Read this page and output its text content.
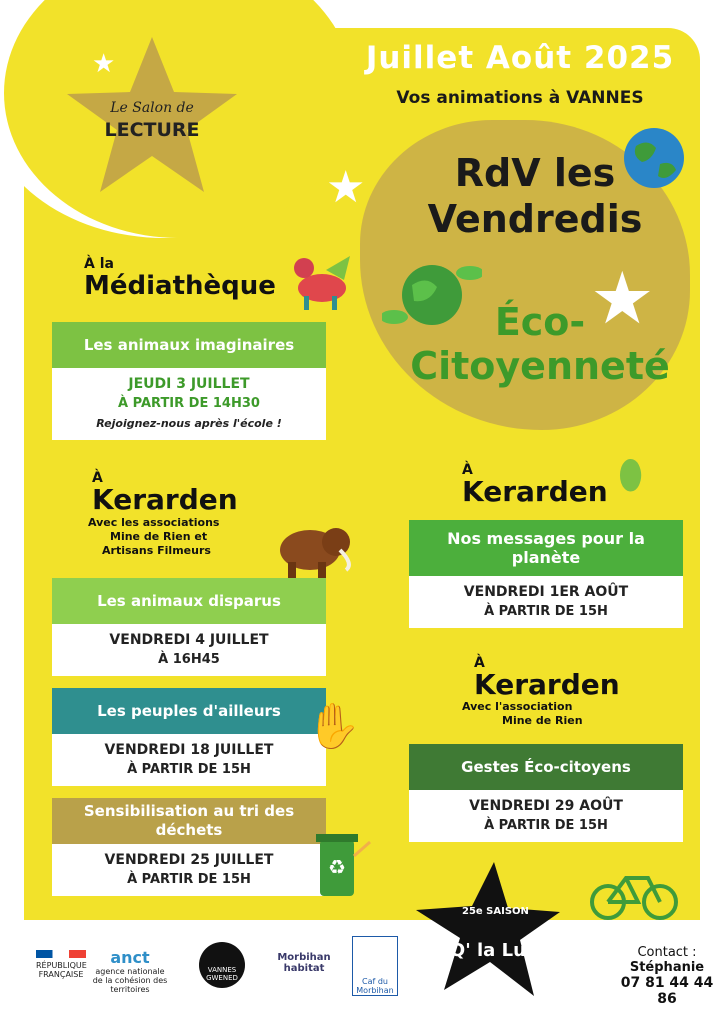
Le Salon de
LECTURE
★	Juillet Août 2025
Vos animations à VANNES
RdV les Vendredis
Éco-Citoyenneté
★
★
⬮
À la
Médiathèque
Les animaux imaginaires
JEUDI 3 JUILLET
À PARTIR DE 14H30
Rejoignez-nous après l'école !
À
Kerarden
Avec les associations
Mine de Rien et
Artisans Filmeurs
Les animaux disparus
VENDREDI 4 JUILLET
À 16H45
Les peuples d'ailleurs
VENDREDI 18 JUILLET
À PARTIR DE 15H
✋
Sensibilisation au tri des déchets
VENDREDI 25 JUILLET
À PARTIR DE 15H
♻
À
Kerarden
Nos messages pour la planète
VENDREDI 1ER AOÛT
À PARTIR DE 15H
À
Kerarden
Avec l'association
Mine de Rien
Gestes Éco-citoyens
VENDREDI 29 AOÛT
À PARTIR DE 15H
25e SAISON
PaQ' la Lune
RÉPUBLIQUE FRANÇAISE
anct
agence nationale de la cohésion des territoires
VANNES GWENED
Morbihan habitat
Caf du Morbihan
Contact :
Stéphanie
07 81 44 44 86
